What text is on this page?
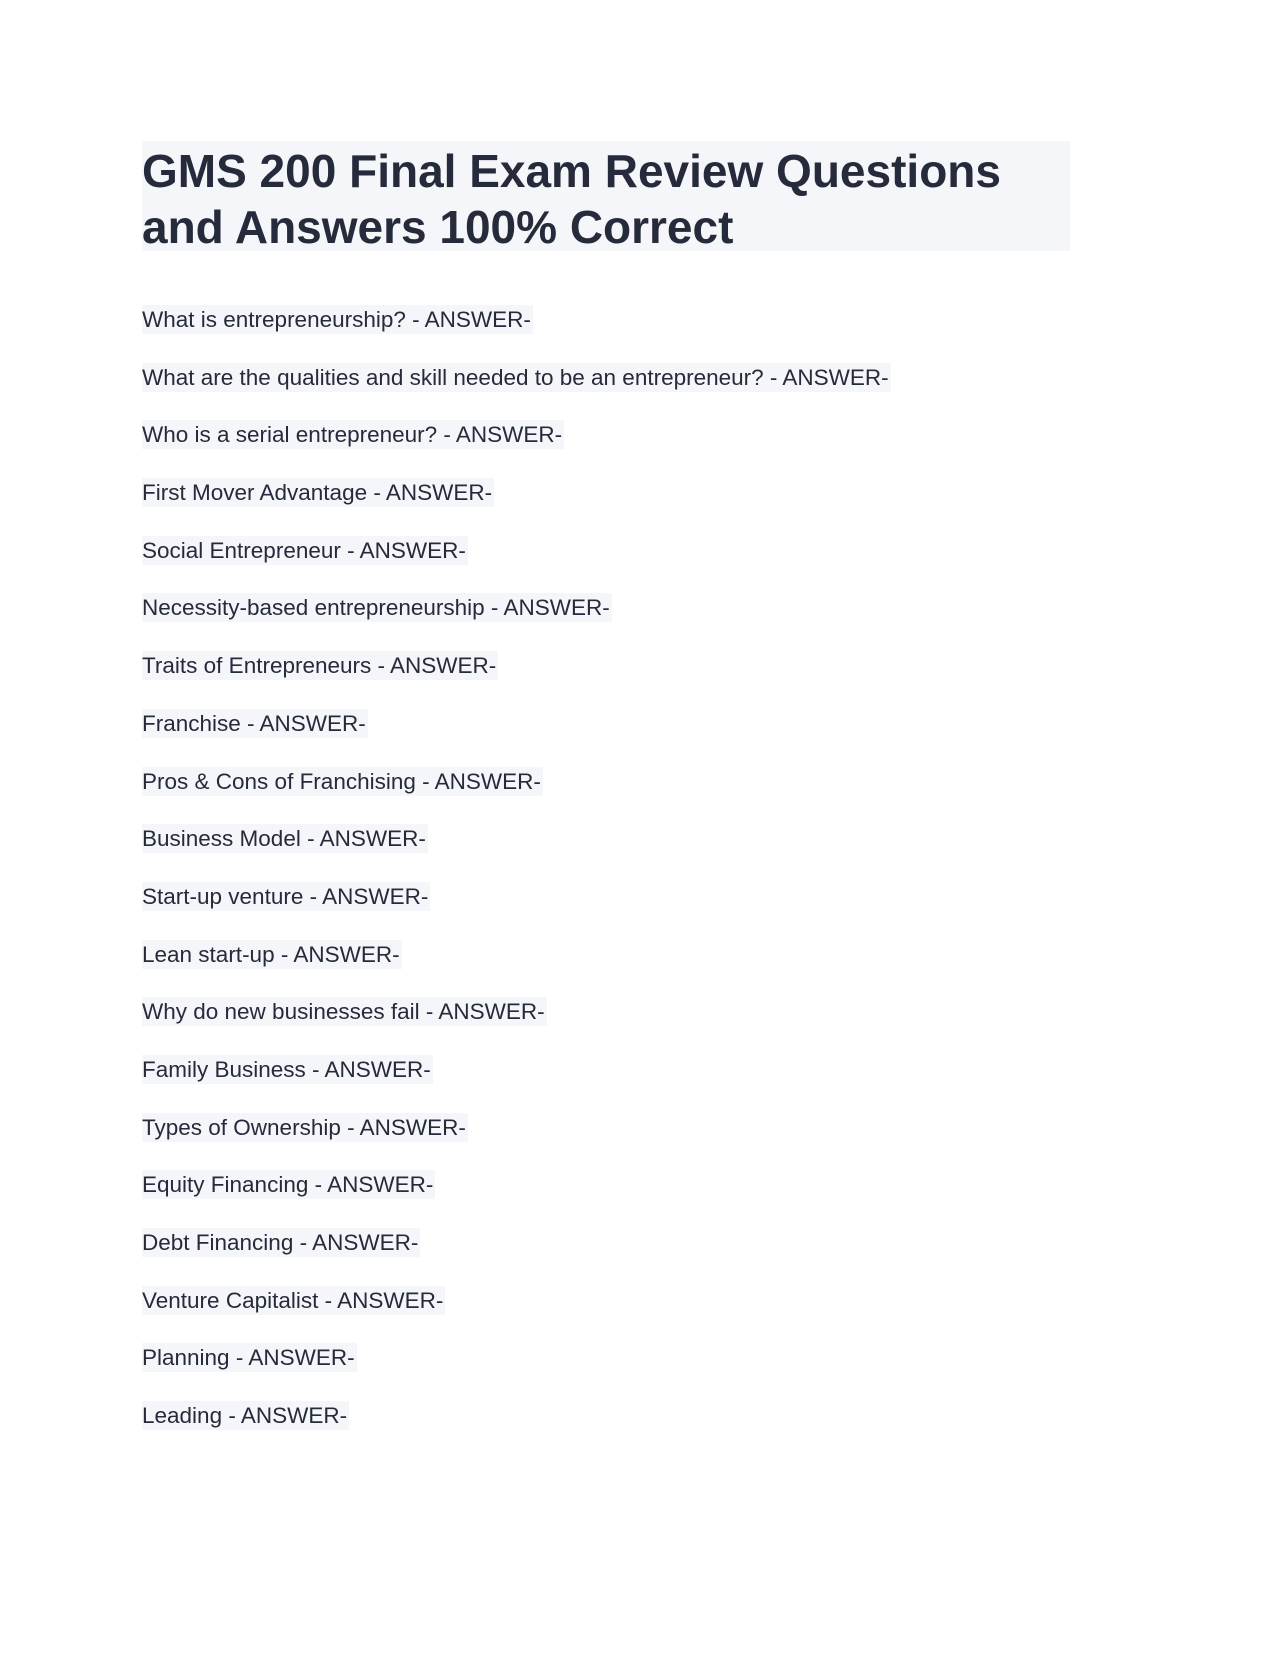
GMS 200 Final Exam Review Questions and Answers 100% Correct
What is entrepreneurship? - ANSWER-
What are the qualities and skill needed to be an entrepreneur? - ANSWER-
Who is a serial entrepreneur? - ANSWER-
First Mover Advantage - ANSWER-
Social Entrepreneur - ANSWER-
Necessity-based entrepreneurship - ANSWER-
Traits of Entrepreneurs - ANSWER-
Franchise - ANSWER-
Pros & Cons of Franchising - ANSWER-
Business Model - ANSWER-
Start-up venture - ANSWER-
Lean start-up - ANSWER-
Why do new businesses fail - ANSWER-
Family Business - ANSWER-
Types of Ownership - ANSWER-
Equity Financing - ANSWER-
Debt Financing - ANSWER-
Venture Capitalist - ANSWER-
Planning - ANSWER-
Leading - ANSWER-
